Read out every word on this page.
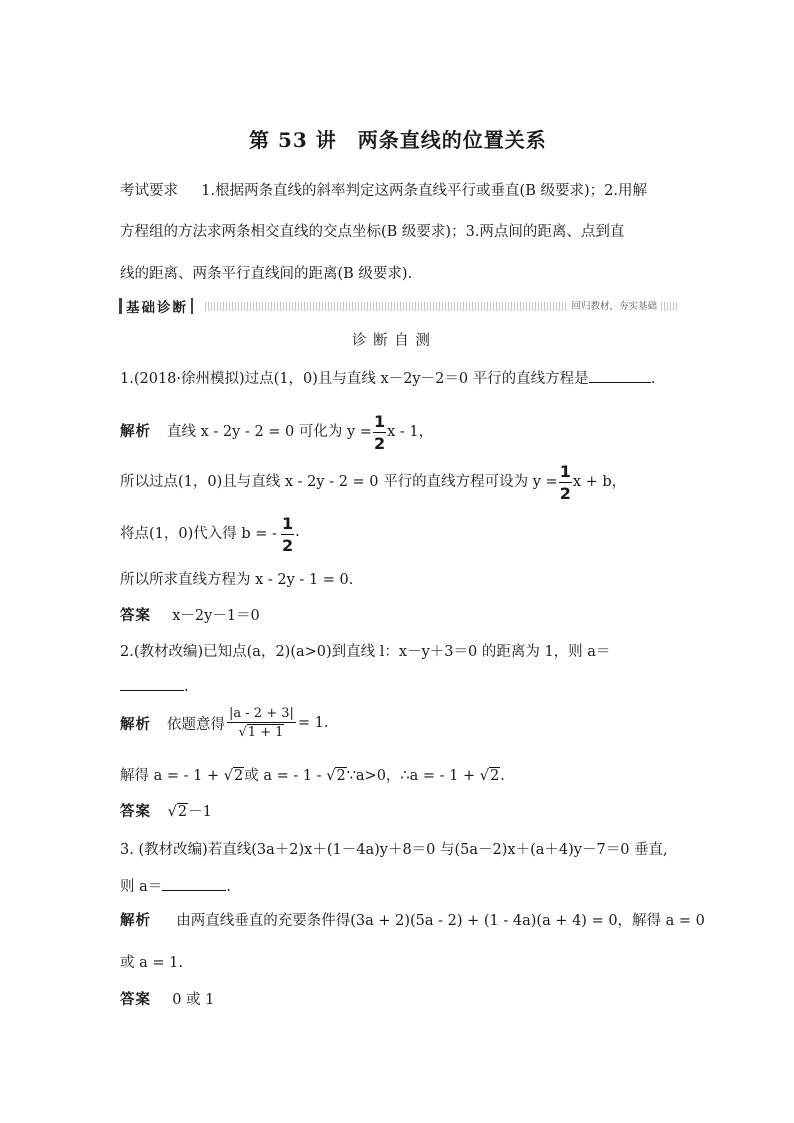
第 53 讲　两条直线的位置关系
考试要求 1.根据两条直线的斜率判定这两条直线平行或垂直(B 级要求)；2.用解
方程组的方法求两条相交直线的交点坐标(B 级要求)；3.两点间的距离、点到直
线的距离、两条平行直线间的距离(B 级要求).
基础诊断	回归教材，夯实基础
诊 断 自 测
1.(2018·徐州模拟)过点(1，0)且与直线 x－2y－2＝0 平行的直线方程是	.
解析 直线 x - 2y - 2 = 0 可化为 $y = \frac{1}{2}$ x - 1，
所以过点(1，0)且与直线 x - 2y - 2 = 0 平行的直线方程可设为 $y = \frac{1}{2}$ x + b，
将点(1，0)代入得 b = - $\frac{1}{2}$ .
所以所求直线方程为 x - 2y - 1 = 0.
答案 x－2y－1＝0
2.(教材改编)已知点(a，2)(a>0)到直线 l：x－y＋3＝0 的距离为 1，则 a＝
.
解析 依题意得 $\frac{|a - 2 + 3|}{√1 + 1} = 1$.
解得 a = - 1 + √2或 a = - 1 - √2∵a>0，∴a = - 1 + √2.
答案 √2－1
3. (教材改编)若直线(3a＋2)x＋(1－4a)y＋8＝0 与(5a－2)x＋(a＋4)y－7＝0 垂直,
则 a＝	.
解析 由两直线垂直的充要条件得(3a + 2)(5a - 2) + (1 - 4a)(a + 4) = 0，解得 a = 0
或 a = 1.
答案 0 或 1
